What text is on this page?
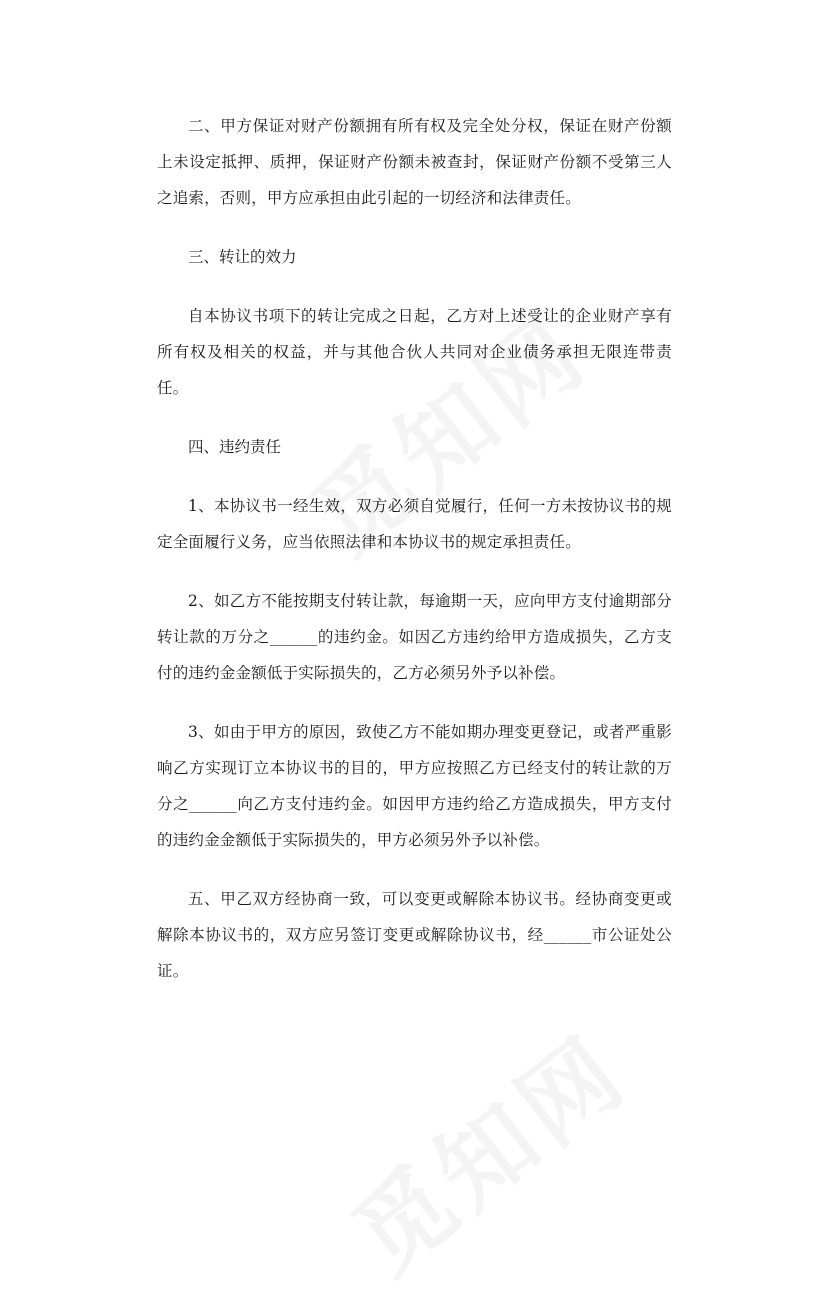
二、甲方保证对财产份额拥有所有权及完全处分权，保证在财产份额上未设定抵押、质押，保证财产份额未被查封，保证财产份额不受第三人之追索，否则，甲方应承担由此引起的一切经济和法律责任。

三、转让的效力

自本协议书项下的转让完成之日起，乙方对上述受让的企业财产享有所有权及相关的权益，并与其他合伙人共同对企业债务承担无限连带责任。

四、违约责任

1、本协议书一经生效，双方必须自觉履行，任何一方未按协议书的规定全面履行义务，应当依照法律和本协议书的规定承担责任。

2、如乙方不能按期支付转让款，每逾期一天，应向甲方支付逾期部分转让款的万分之______的违约金。如因乙方违约给甲方造成损失，乙方支付的违约金金额低于实际损失的，乙方必须另外予以补偿。

3、如由于甲方的原因，致使乙方不能如期办理变更登记，或者严重影响乙方实现订立本协议书的目的，甲方应按照乙方已经支付的转让款的万分之______向乙方支付违约金。如因甲方违约给乙方造成损失，甲方支付的违约金金额低于实际损失的，甲方必须另外予以补偿。

五、甲乙双方经协商一致，可以变更或解除本协议书。经协商变更或解除本协议书的，双方应另签订变更或解除协议书，经______市公证处公证。
